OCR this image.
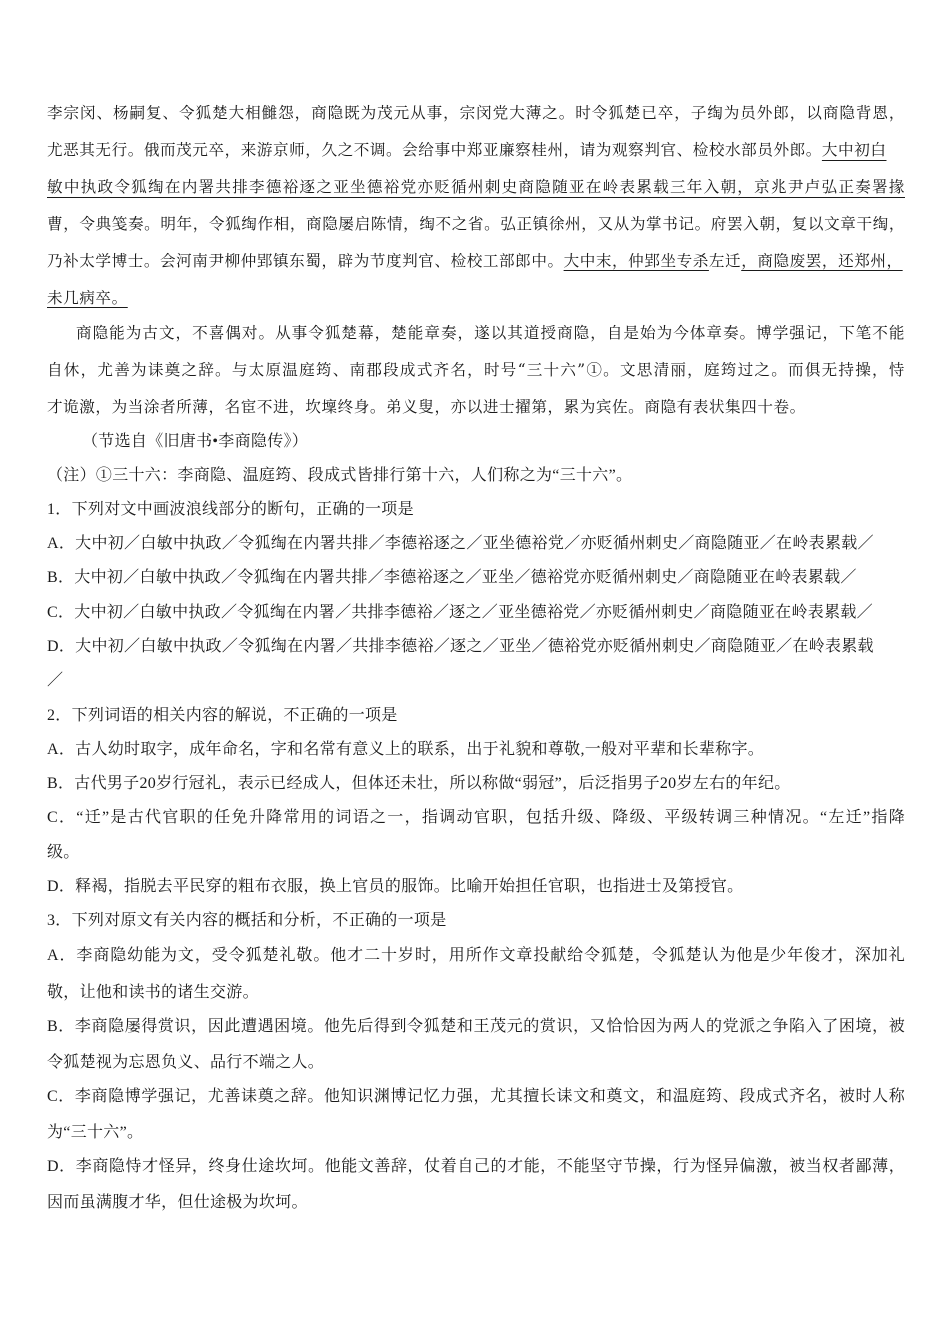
李宗闵、杨嗣复、令狐楚大相雠怨，商隐既为茂元从事，宗闵党大薄之。时令狐楚已卒，子绹为员外郎，以商隐背恩，
尤恶其无行。俄而茂元卒，来游京师，久之不调。会给事中郑亚廉察桂州，请为观察判官、检校水部员外郎。大中初白
敏中执政令狐绹在内署共排李德裕逐之亚坐德裕党亦贬循州刺史商隐随亚在岭表累载三年入朝，京兆尹卢弘正奏署掾
曹，令典笺奏。明年，令狐绹作相，商隐屡启陈情，绹不之省。弘正镇徐州，又从为掌书记。府罢入朝，复以文章干绹，
乃补太学博士。会河南尹柳仲郢镇东蜀，辟为节度判官、检校工部郎中。大中末，仲郢坐专杀左迁，商隐废罢，还郑州，
未几病卒。
商隐能为古文，不喜偶对。从事令狐楚幕，楚能章奏，遂以其道授商隐，自是始为今体章奏。博学强记，下笔不能
自休，尤善为诔奠之辞。与太原温庭筠、南郡段成式齐名，时号“三十六”①。文思清丽，庭筠过之。而俱无持操，恃
才诡激，为当涂者所薄，名宦不进，坎壈终身。弟义叟，亦以进士擢第，累为宾佐。商隐有表状集四十卷。
（节选自《旧唐书•李商隐传》）
（注）①三十六：李商隐、温庭筠、段成式皆排行第十六，人们称之为“三十六”。
1．下列对文中画波浪线部分的断句，正确的一项是
A．大中初／白敏中执政／令狐绹在内署共排／李德裕逐之／亚坐德裕党／亦贬循州刺史／商隐随亚／在岭表累载／
B．大中初／白敏中执政／令狐绹在内署共排／李德裕逐之／亚坐／德裕党亦贬循州刺史／商隐随亚在岭表累载／
C．大中初／白敏中执政／令狐绹在内署／共排李德裕／逐之／亚坐德裕党／亦贬循州刺史／商隐随亚在岭表累载／
D．大中初／白敏中执政／令狐绹在内署／共排李德裕／逐之／亚坐／德裕党亦贬循州刺史／商隐随亚／在岭表累载
／
2．下列词语的相关内容的解说，不正确的一项是
A．古人幼时取字，成年命名，字和名常有意义上的联系，出于礼貌和尊敬,一般对平辈和长辈称字。
B．古代男子20岁行冠礼，表示已经成人，但体还未壮，所以称做“弱冠”，后泛指男子20岁左右的年纪。
C．“迁”是古代官职的任免升降常用的词语之一，指调动官职，包括升级、降级、平级转调三种情况。“左迁”指降
级。
D．释褐，指脱去平民穿的粗布衣服，换上官员的服饰。比喻开始担任官职，也指进士及第授官。
3．下列对原文有关内容的概括和分析，不正确的一项是
A．李商隐幼能为文，受令狐楚礼敬。他才二十岁时，用所作文章投献给令狐楚，令狐楚认为他是少年俊才，深加礼
敬，让他和读书的诸生交游。
B．李商隐屡得赏识，因此遭遇困境。他先后得到令狐楚和王茂元的赏识，又恰恰因为两人的党派之争陷入了困境，被
令狐楚视为忘恩负义、品行不端之人。
C．李商隐博学强记，尤善诔奠之辞。他知识渊博记忆力强，尤其擅长诔文和奠文，和温庭筠、段成式齐名，被时人称
为“三十六”。
D．李商隐恃才怪异，终身仕途坎坷。他能文善辞，仗着自己的才能，不能坚守节操，行为怪异偏激，被当权者鄙薄，
因而虽满腹才华，但仕途极为坎坷。
